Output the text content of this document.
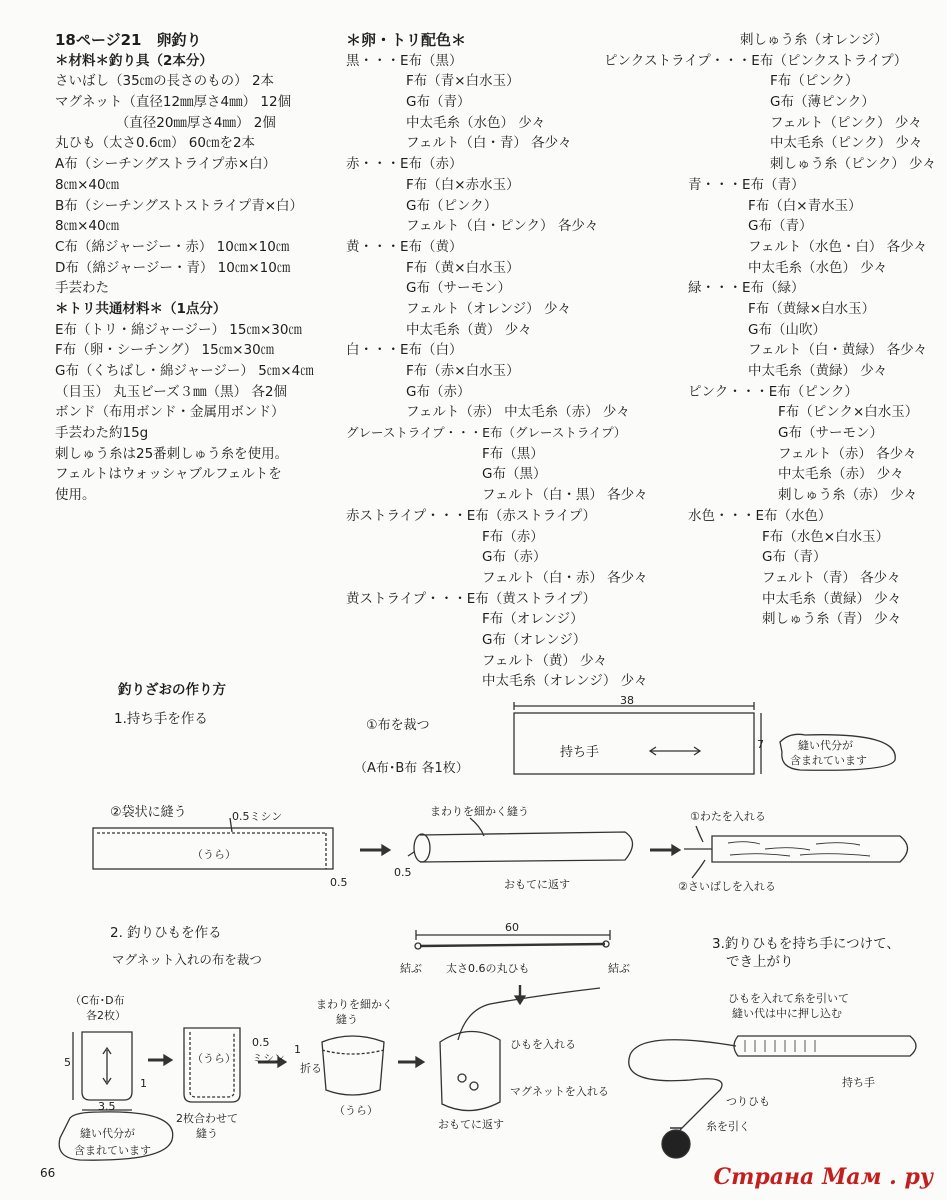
18ページ21　卵釣り
＊材料＊釣り具（2本分）
さいばし（35㎝の長さのもの） 2本
マグネット（直径12㎜厚さ4㎜） 12個
　　　　　（直径20㎜厚さ4㎜） 2個
丸ひも（太さ0.6㎝） 60㎝を2本
A布（シーチングストライプ赤×白）
8㎝×40㎝
B布（シーチングストストライプ青×白）
8㎝×40㎝
C布（綿ジャージー・赤） 10㎝×10㎝
D布（綿ジャージー・青） 10㎝×10㎝
手芸わた
＊トリ共通材料＊（1点分）
E布（トリ・綿ジャージー） 15㎝×30㎝
F布（卵・シーチング） 15㎝×30㎝
G布（くちばし・綿ジャージー） 5㎝×4㎝
（目玉） 丸玉ビーズ３㎜（黒） 各2個
ボンド（布用ボンド・金属用ボンド）
手芸わた約15g
刺しゅう糸は25番刺しゅう糸を使用。
フェルトはウォッシャブルフェルトを
使用。
＊卵・トリ配色＊
黒・・・E布（黒）
F布（青×白水玉）
G布（青）
中太毛糸（水色） 少々
フェルト（白・青） 各少々
赤・・・E布（赤）
F布（白×赤水玉）
G布（ピンク）
フェルト（白・ピンク） 各少々
黄・・・E布（黄）
F布（黄×白水玉）
G布（サーモン）
フェルト（オレンジ） 少々
中太毛糸（黄） 少々
白・・・E布（白）
F布（赤×白水玉）
G布（赤）
フェルト（赤） 中太毛糸（赤） 少々
グレーストライプ・・・E布（グレーストライプ）
F布（黒）
G布（黒）
フェルト（白・黒） 各少々
赤ストライプ・・・E布（赤ストライプ）
F布（赤）
G布（赤）
フェルト（白・赤） 各少々
黄ストライプ・・・E布（黄ストライプ）
F布（オレンジ）
G布（オレンジ）
フェルト（黄） 少々
中太毛糸（オレンジ） 少々
刺しゅう糸（オレンジ）
ピンクストライプ・・・E布（ピンクストライプ）
F布（ピンク）
G布（薄ピンク）
フェルト（ピンク） 少々
中太毛糸（ピンク） 少々
刺しゅう糸（ピンク） 少々
青・・・E布（青）
F布（白×青水玉）
G布（青）
フェルト（水色・白） 各少々
中太毛糸（水色） 少々
緑・・・E布（緑）
F布（黄緑×白水玉）
G布（山吹）
フェルト（白・黄緑） 各少々
中太毛糸（黄緑） 少々
ピンク・・・E布（ピンク）
F布（ピンク×白水玉）
G布（サーモン）
フェルト（赤） 各少々
中太毛糸（赤） 少々
刺しゅう糸（赤） 少々
水色・・・E布（水色）
F布（水色×白水玉）
G布（青）
フェルト（青） 各少々
中太毛糸（黄緑） 少々
刺しゅう糸（青） 少々
釣りざおの作り方
1.持ち手を作る	①布を裁つ
（A布･B布 各1枚）
38
7
持ち手	縫い代分が
含まれています
②袋状に縫う	0.5ミシン
（うら）
0.5
まわりを細かく縫う
0.5
おもてに返す
①わたを入れる
②さいばしを入れる
2. 釣りひもを作る
マグネット入れの布を裁つ
60
結ぶ 太さ0.6の丸ひも	結ぶ
（C布･D布
各2枚）
5
1
3.5
縫い代分が
含まれています
（うら）
0.5
ミシン
2枚合わせて
縫う
まわりを細かく
縫う
1
折る
（うら）
ひもを入れる
マグネットを入れる
おもてに返す
3.釣りひもを持ち手につけて、
でき上がり
ひもを入れて糸を引いて
縫い代は中に押し込む
持ち手
つりひも
糸を引く
66	Страна Мам . ру
